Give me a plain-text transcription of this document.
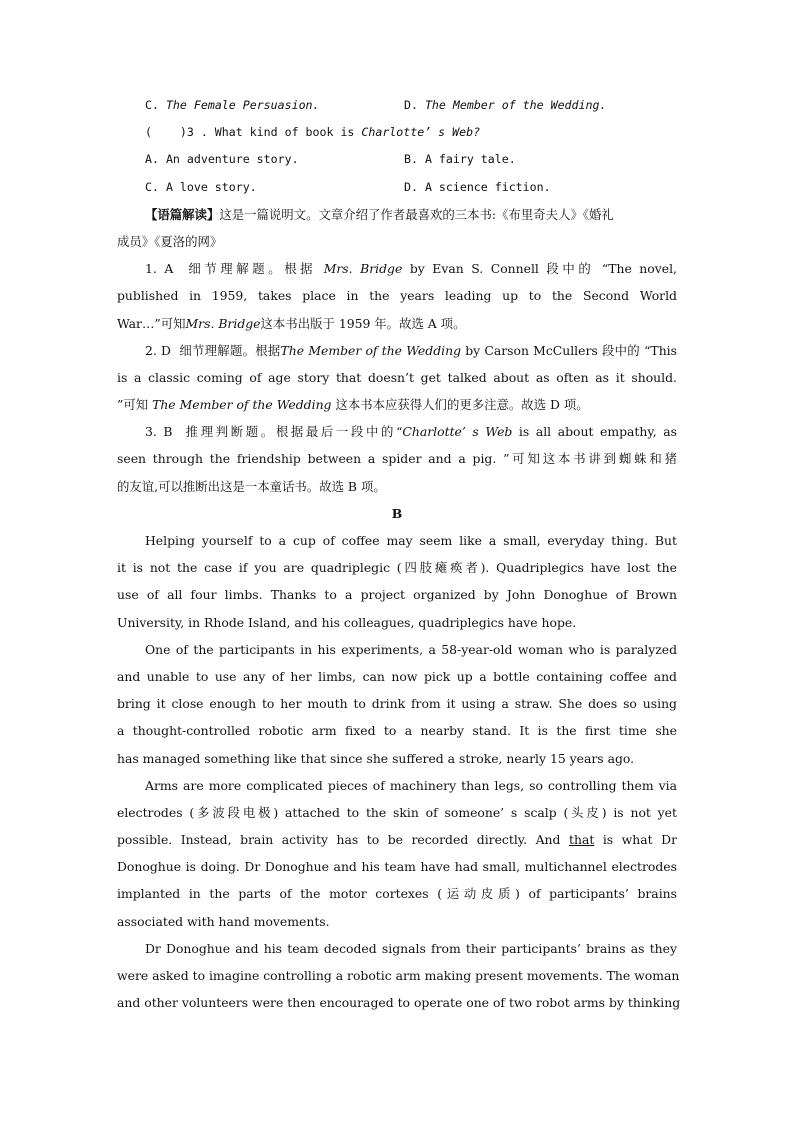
C. The Female Persuasion.	D. The Member of the Wedding.
(    )3 . What kind of book is Charlotte’ s Web?
A. An adventure story.	B. A fairy tale.
C. A love story.	D. A science fiction.
【语篇解读】这是一篇说明文。文章介绍了作者最喜欢的三本书:《布里奇夫人》《婚礼
成员》《夏洛的网》
1. A  细节理解题。根据 Mrs. Bridge by Evan S. Connell 段中的 “The novel,
published in 1959, takes place in the years leading up to the Second World
War…”可知Mrs. Bridge这本书出版于 1959 年。故选 A 项。
2. D  细节理解题。根据The Member of the Wedding by Carson McCullers 段中的 “This
is a classic coming of age story that doesn’t get talked about as often as it should.
”可知 The Member of the Wedding 这本书本应获得人们的更多注意。故选 D 项。
3. B  推理判断题。根据最后一段中的“Charlotte’ s Web is all about empathy, as
seen through the friendship between a spider and a pig. ”可知这本书讲到蜘蛛和猪
的友谊,可以推断出这是一本童话书。故选 B 项。
B
Helping yourself to a cup of coffee may seem like a small, everyday thing. But
it is not the case if you are quadriplegic (四肢瘫痪者). Quadriplegics have lost the
use of all four limbs. Thanks to a project organized by John Donoghue of Brown
University, in Rhode Island, and his colleagues, quadriplegics have hope.
One of the participants in his experiments, a 58-year-old woman who is paralyzed
and unable to use any of her limbs, can now pick up a bottle containing coffee and
bring it close enough to her mouth to drink from it using a straw. She does so using
a thought-controlled robotic arm fixed to a nearby stand. It is the first time she
has managed something like that since she suffered a stroke, nearly 15 years ago.
Arms are more complicated pieces of machinery than legs, so controlling them via
electrodes (多波段电极) attached to the skin of someone’ s scalp (头皮) is not yet
possible. Instead, brain activity has to be recorded directly. And that is what Dr
Donoghue is doing. Dr Donoghue and his team have had small, multichannel electrodes
implanted in the parts of the motor cortexes (运动皮质) of participants’ brains
associated with hand movements.
Dr Donoghue and his team decoded signals from their participants’ brains as they
were asked to imagine controlling a robotic arm making present movements. The woman
and other volunteers were then encouraged to operate one of two robot arms by thinking
